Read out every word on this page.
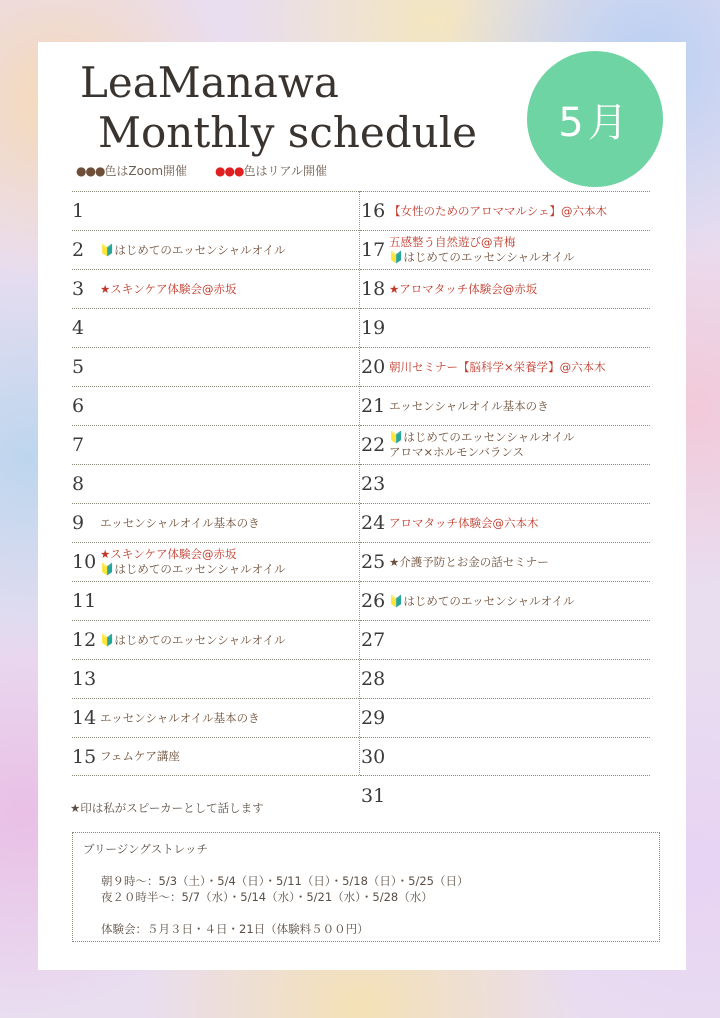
LeaManawa
Monthly schedule	5月
●●●色はZoom開催 ●●●色はリアル開催
1
2	🔰はじめてのエッセンシャルオイル
3	★スキンケア体験会@赤坂
4
5
6
7
8
9	エッセンシャルオイル基本のき
10 ★スキンケア体験会@赤坂
🔰はじめてのエッセンシャルオイル
11
12 🔰はじめてのエッセンシャルオイル
13
14 エッセンシャルオイル基本のき
15 フェムケア講座
16 【女性のためのアロママルシェ】@六本木
17 五感整う自然遊び@青梅
🔰はじめてのエッセンシャルオイル
18 ★アロマタッチ体験会@赤坂
19
20 朝川セミナー【脳科学×栄養学】@六本木
21 エッセンシャルオイル基本のき
22 🔰はじめてのエッセンシャルオイル
アロマ×ホルモンバランス
23
24 アロマタッチ体験会@六本木
25 ★介護予防とお金の話セミナー
26 🔰はじめてのエッセンシャルオイル
27
28
29
30
31
★印は私がスピーカーとして話します
ブリージングストレッチ

朝９時～：5/3（土）・5/4（日）・5/11（日）・5/18（日）・5/25（日）
夜２０時半～：5/7（水）・5/14（水）・5/21（水）・5/28（水）

体験会：５月３日・４日・21日（体験料５００円）
